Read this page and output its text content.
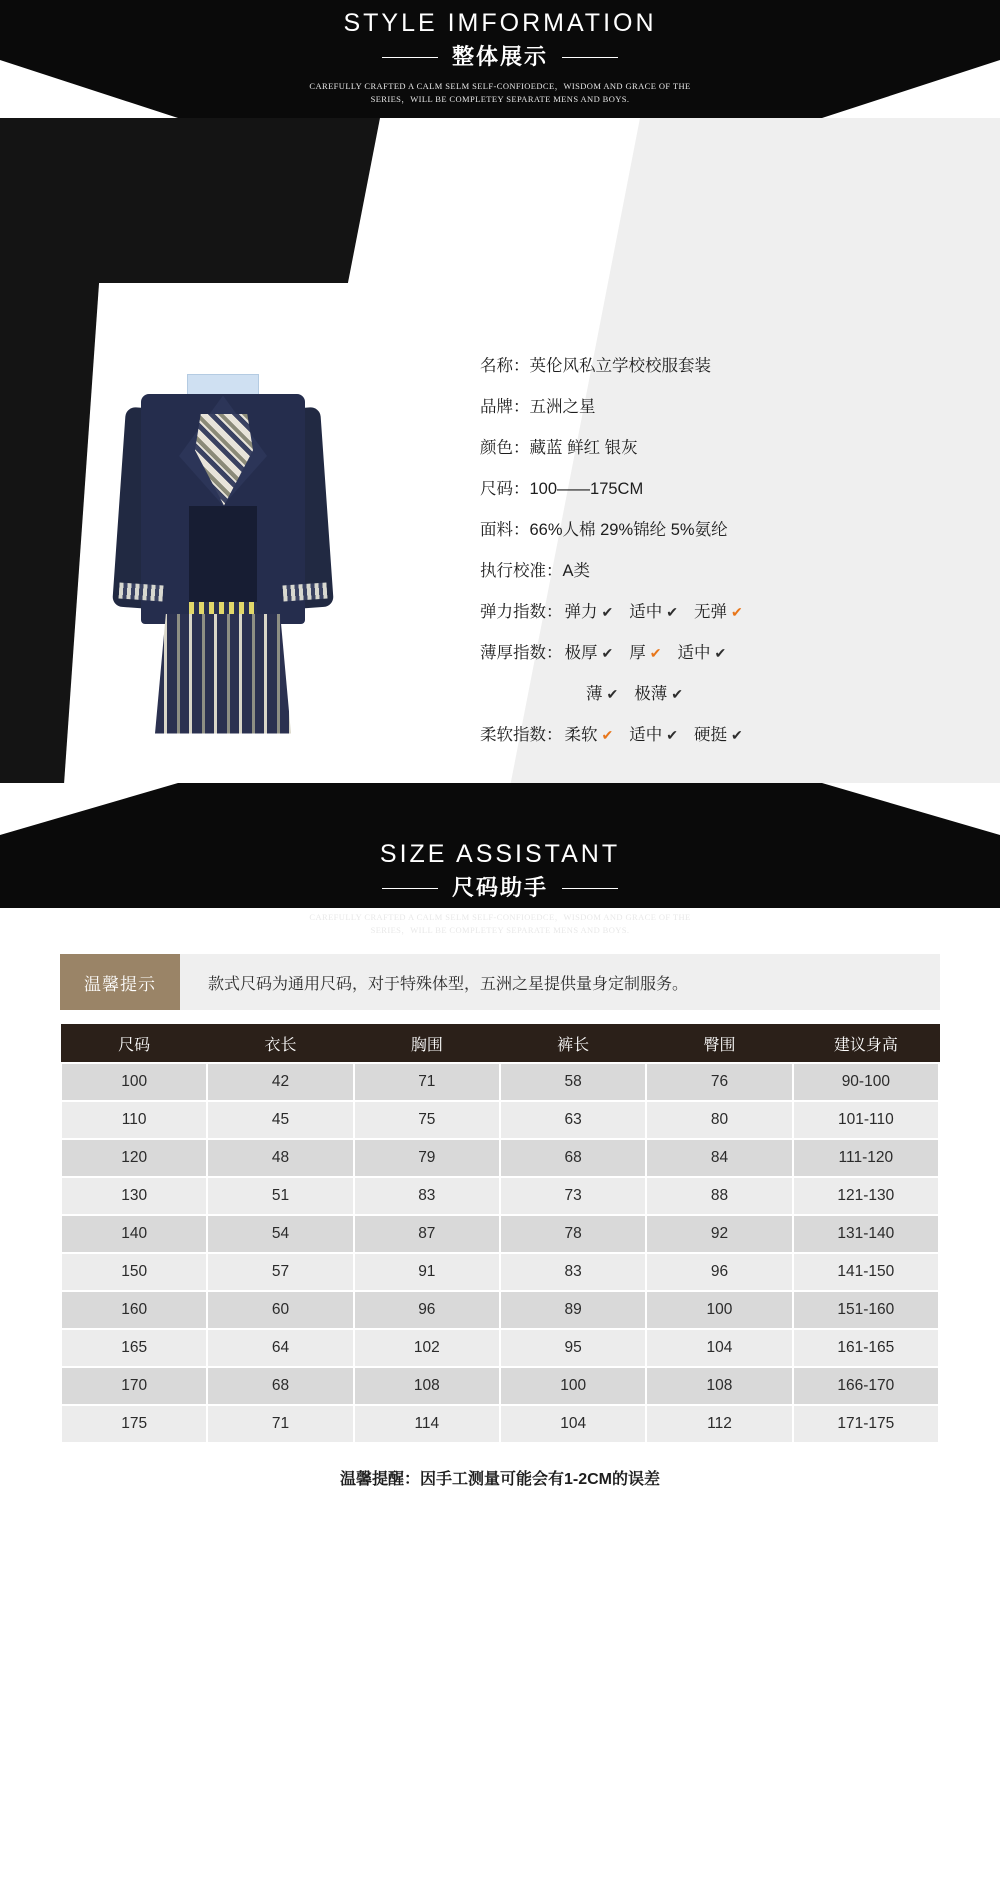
STYLE IMFORMATION
整体展示
CAREFULLY CRAFTED A CALM SELM SELF-CONFIOEDCE，WISDOM AND GRACE OF THE
SERIES，WILL BE COMPLETEY SEPARATE MENS AND BOYS.
名称：英伦风私立学校校服套装
品牌：五洲之星
颜色：藏蓝 鲜红 银灰
尺码：100——175CM
面料：66%人棉 29%锦纶 5%氨纶
执行校准：A类
弹力指数： 弹力 ✔ 适中 ✔ 无弹 ✔
薄厚指数： 极厚 ✔ 厚 ✔ 适中 ✔
薄 ✔ 极薄 ✔
柔软指数： 柔软 ✔ 适中 ✔ 硬挺 ✔
SIZE ASSISTANT
尺码助手
CAREFULLY CRAFTED A CALM SELM SELF-CONFIOEDCE，WISDOM AND GRACE OF THE
SERIES，WILL BE COMPLETEY SEPARATE MENS AND BOYS.
温馨提示	款式尺码为通用尺码，对于特殊体型，五洲之星提供量身定制服务。
尺码	衣长	胸围	裤长	臀围	建议身高
100	42	71	58	76	90-100
110	45	75	63	80	101-110
120	48	79	68	84	111-120
130	51	83	73	88	121-130
140	54	87	78	92	131-140
150	57	91	83	96	141-150
160	60	96	89	100	151-160
165	64	102	95	104	161-165
170	68	108	100	108	166-170
175	71	114	104	112	171-175
温馨提醒：因手工测量可能会有1-2CM的误差
